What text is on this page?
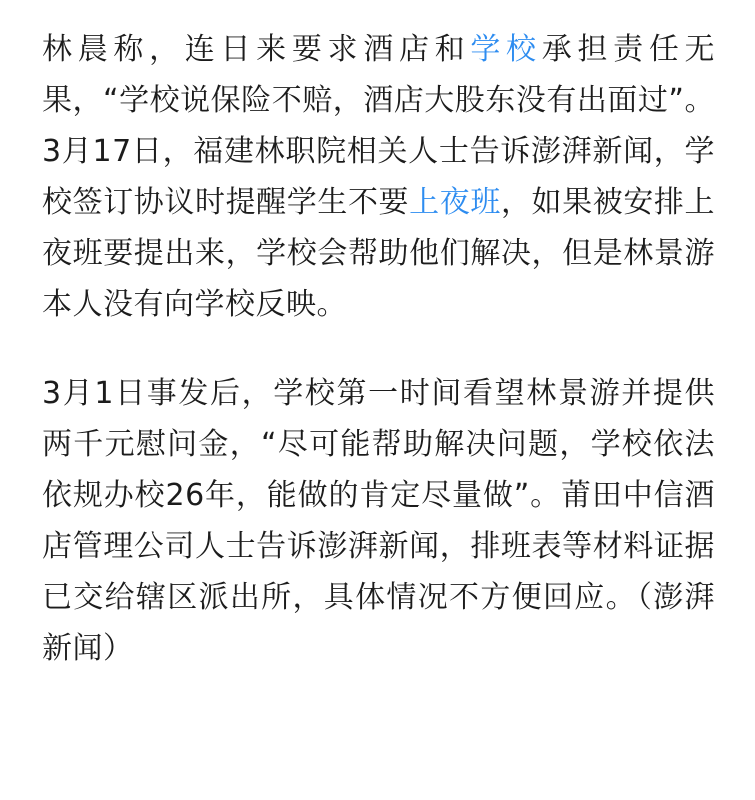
林晨称，连日来要求酒店和学校承担责任无果，“学校说保险不赔，酒店大股东没有出面过”。3月17日，福建林职院相关人士告诉澎湃新闻，学校签订协议时提醒学生不要上夜班，如果被安排上夜班要提出来，学校会帮助他们解决，但是林景游本人没有向学校反映。

3月1日事发后，学校第一时间看望林景游并提供两千元慰问金，“尽可能帮助解决问题，学校依法依规办校26年，能做的肯定尽量做”。莆田中信酒店管理公司人士告诉澎湃新闻，排班表等材料证据已交给辖区派出所，具体情况不方便回应。（澎湃新闻）
